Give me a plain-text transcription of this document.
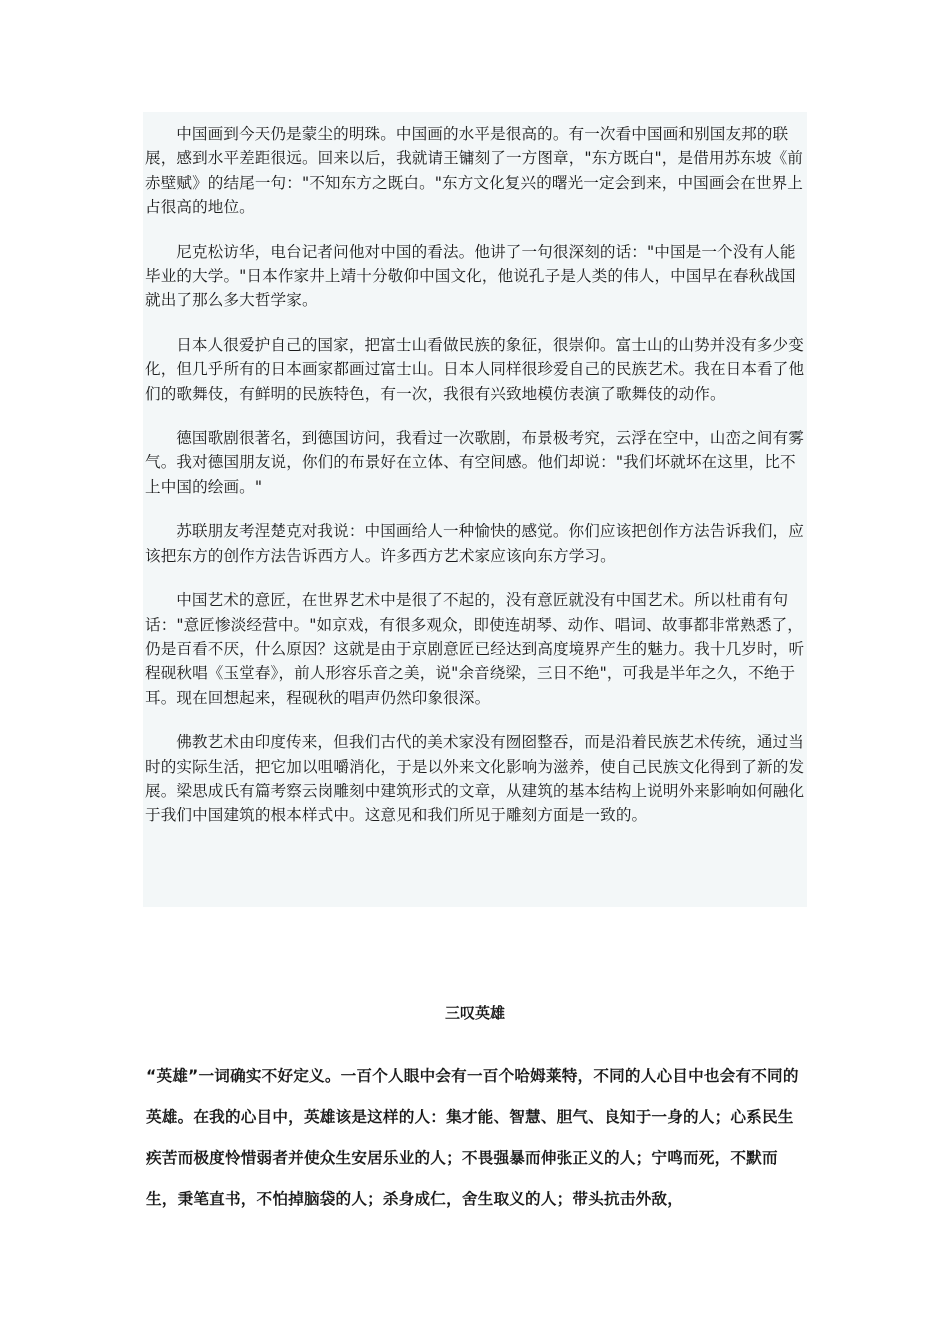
中国画到今天仍是蒙尘的明珠。中国画的水平是很高的。有一次看中国画和别国友邦的联展，感到水平差距很远。回来以后，我就请王镛刻了一方图章，"东方既白"，是借用苏东坡《前赤壁赋》的结尾一句："不知东方之既白。"东方文化复兴的曙光一定会到来，中国画会在世界上占很高的地位。

尼克松访华，电台记者问他对中国的看法。他讲了一句很深刻的话："中国是一个没有人能毕业的大学。"日本作家井上靖十分敬仰中国文化，他说孔子是人类的伟人，中国早在春秋战国就出了那么多大哲学家。

日本人很爱护自己的国家，把富士山看做民族的象征，很崇仰。富士山的山势并没有多少变化，但几乎所有的日本画家都画过富士山。日本人同样很珍爱自己的民族艺术。我在日本看了他们的歌舞伎，有鲜明的民族特色，有一次，我很有兴致地模仿表演了歌舞伎的动作。

德国歌剧很著名，到德国访问，我看过一次歌剧，布景极考究，云浮在空中，山峦之间有雾气。我对德国朋友说，你们的布景好在立体、有空间感。他们却说："我们坏就坏在这里，比不上中国的绘画。"

苏联朋友考涅楚克对我说：中国画给人一种愉快的感觉。你们应该把创作方法告诉我们，应该把东方的创作方法告诉西方人。许多西方艺术家应该向东方学习。

中国艺术的意匠，在世界艺术中是很了不起的，没有意匠就没有中国艺术。所以杜甫有句话："意匠惨淡经营中。"如京戏，有很多观众，即使连胡琴、动作、唱词、故事都非常熟悉了，仍是百看不厌，什么原因？这就是由于京剧意匠已经达到高度境界产生的魅力。我十几岁时，听程砚秋唱《玉堂春》，前人形容乐音之美，说"余音绕梁，三日不绝"，可我是半年之久，不绝于耳。现在回想起来，程砚秋的唱声仍然印象很深。

佛教艺术由印度传来，但我们古代的美术家没有囫囵整吞，而是沿着民族艺术传统，通过当时的实际生活，把它加以咀嚼消化，于是以外来文化影响为滋养，使自己民族文化得到了新的发展。梁思成氏有篇考察云岗雕刻中建筑形式的文章，从建筑的基本结构上说明外来影响如何融化于我们中国建筑的根本样式中。这意见和我们所见于雕刻方面是一致的。

三叹英雄

“英雄”一词确实不好定义。一百个人眼中会有一百个哈姆莱特，不同的人心目中也会有不同的英雄。在我的心目中，英雄该是这样的人：集才能、智慧、胆气、良知于一身的人；心系民生疾苦而极度怜惜弱者并使众生安居乐业的人；不畏强暴而伸张正义的人；宁鸣而死，不默而生，秉笔直书，不怕掉脑袋的人；杀身成仁，舍生取义的人；带头抗击外敌，
